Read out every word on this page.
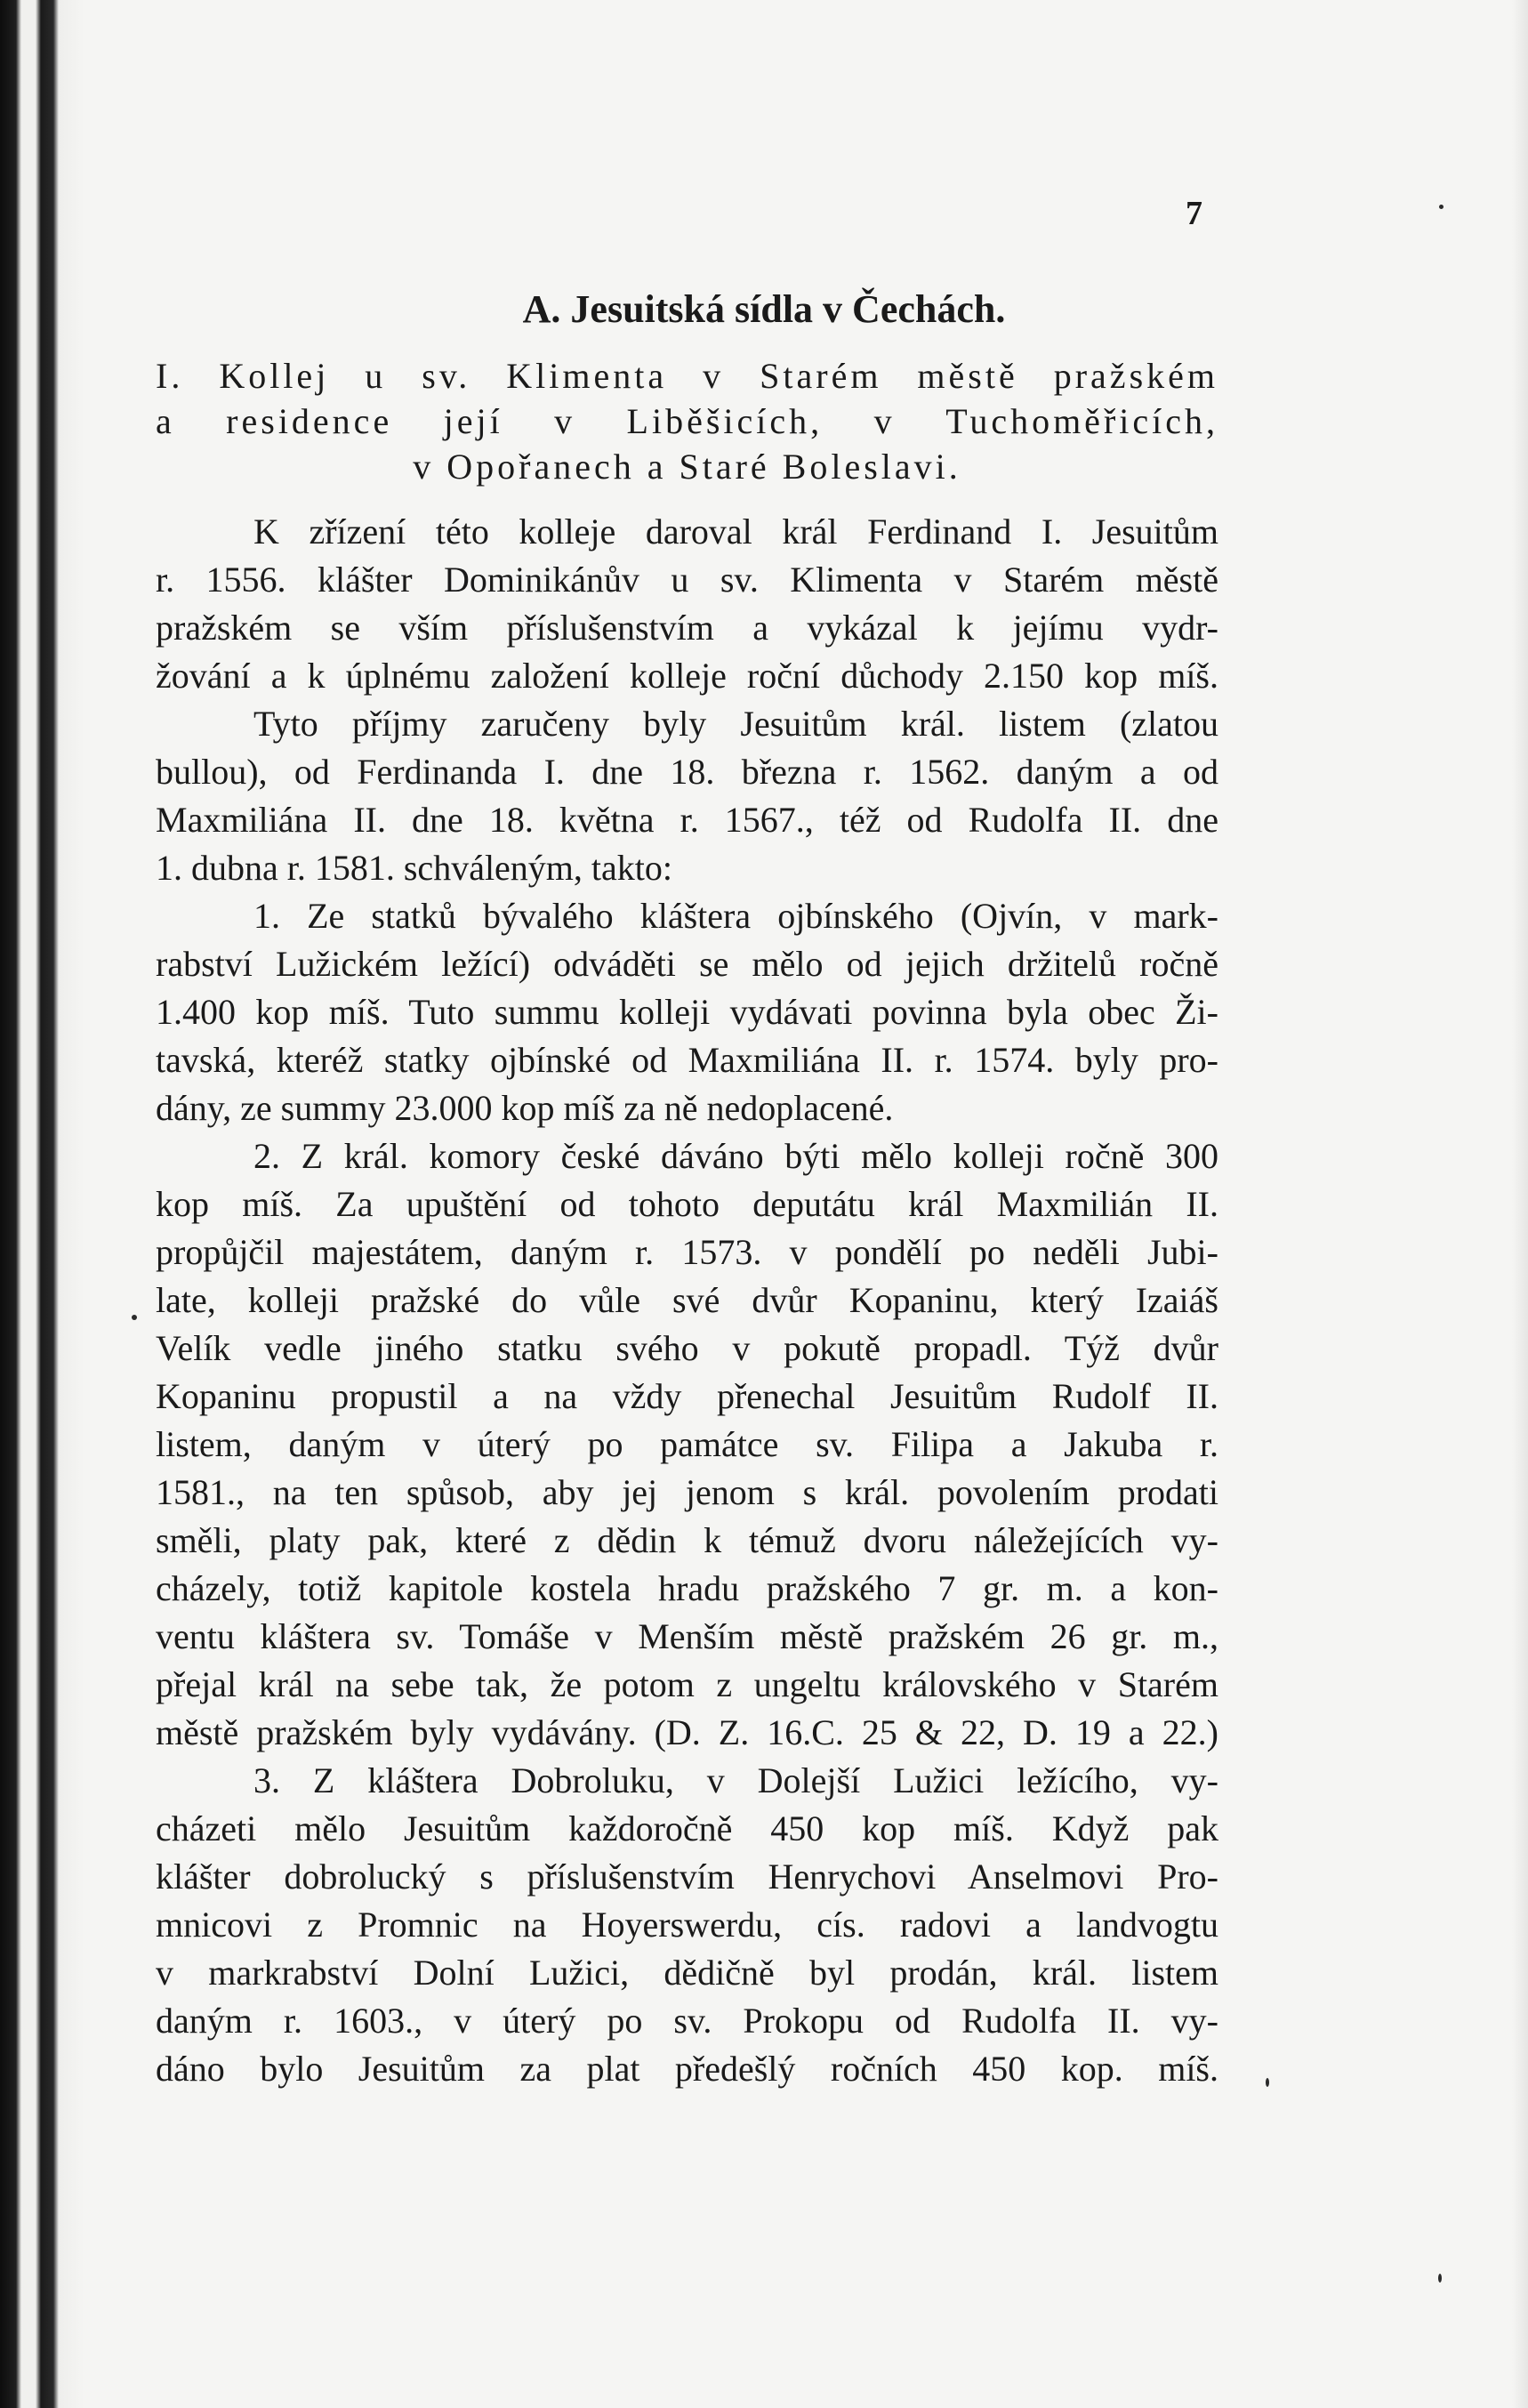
7
A. Jesuitská sídla v Čechách.
I. Kollej u sv. Klimenta v Starém městě pražském
a residence její v Liběšicích, v Tuchoměřicích,
v Opořanech a Staré Boleslavi.
K zřízení této kolleje daroval král Ferdinand I. Jesuitům
r. 1556. klášter Dominikánův u sv. Klimenta v Starém městě
pražském se vším příslušenstvím a vykázal k jejímu vydr-
žování a k úplnému založení kolleje roční důchody 2.150 kop míš.
Tyto příjmy zaručeny byly Jesuitům král. listem (zlatou
bullou), od Ferdinanda I. dne 18. března r. 1562. daným a od
Maxmiliána II. dne 18. května r. 1567., též od Rudolfa II. dne
1. dubna r. 1581. schváleným, takto:
1. Ze statků bývalého kláštera ojbínského (Ojvín, v mark-
rabství Lužickém ležící) odváděti se mělo od jejich držitelů ročně
1.400 kop míš. Tuto summu kolleji vydávati povinna byla obec Ži-
tavská, kteréž statky ojbínské od Maxmiliána II. r. 1574. byly pro-
dány, ze summy 23.000 kop míš za ně nedoplacené.
2. Z král. komory české dáváno býti mělo kolleji ročně 300
kop míš. Za upuštění od tohoto deputátu král Maxmilián II.
propůjčil majestátem, daným r. 1573. v pondělí po neděli Jubi-
late, kolleji pražské do vůle své dvůr Kopaninu, který Izaiáš
Velík vedle jiného statku svého v pokutě propadl. Týž dvůr
Kopaninu propustil a na vždy přenechal Jesuitům Rudolf II.
listem, daným v úterý po památce sv. Filipa a Jakuba r.
1581., na ten spůsob, aby jej jenom s král. povolením prodati
směli, platy pak, které z dědin k témuž dvoru náležejících vy-
cházely, totiž kapitole kostela hradu pražského 7 gr. m. a kon-
ventu kláštera sv. Tomáše v Menším městě pražském 26 gr. m.,
přejal král na sebe tak, že potom z ungeltu královského v Starém
městě pražském byly vydávány. (D. Z. 16.C. 25 & 22, D. 19 a 22.)
3. Z kláštera Dobroluku, v Dolejší Lužici ležícího, vy-
cházeti mělo Jesuitům každoročně 450 kop míš. Když pak
klášter dobrolucký s příslušenstvím Henrychovi Anselmovi Pro-
mnicovi z Promnic na Hoyerswerdu, cís. radovi a landvogtu
v markrabství Dolní Lužici, dědičně byl prodán, král. listem
daným r. 1603., v úterý po sv. Prokopu od Rudolfa II. vy-
dáno bylo Jesuitům za plat předešlý ročních 450 kop. míš.
